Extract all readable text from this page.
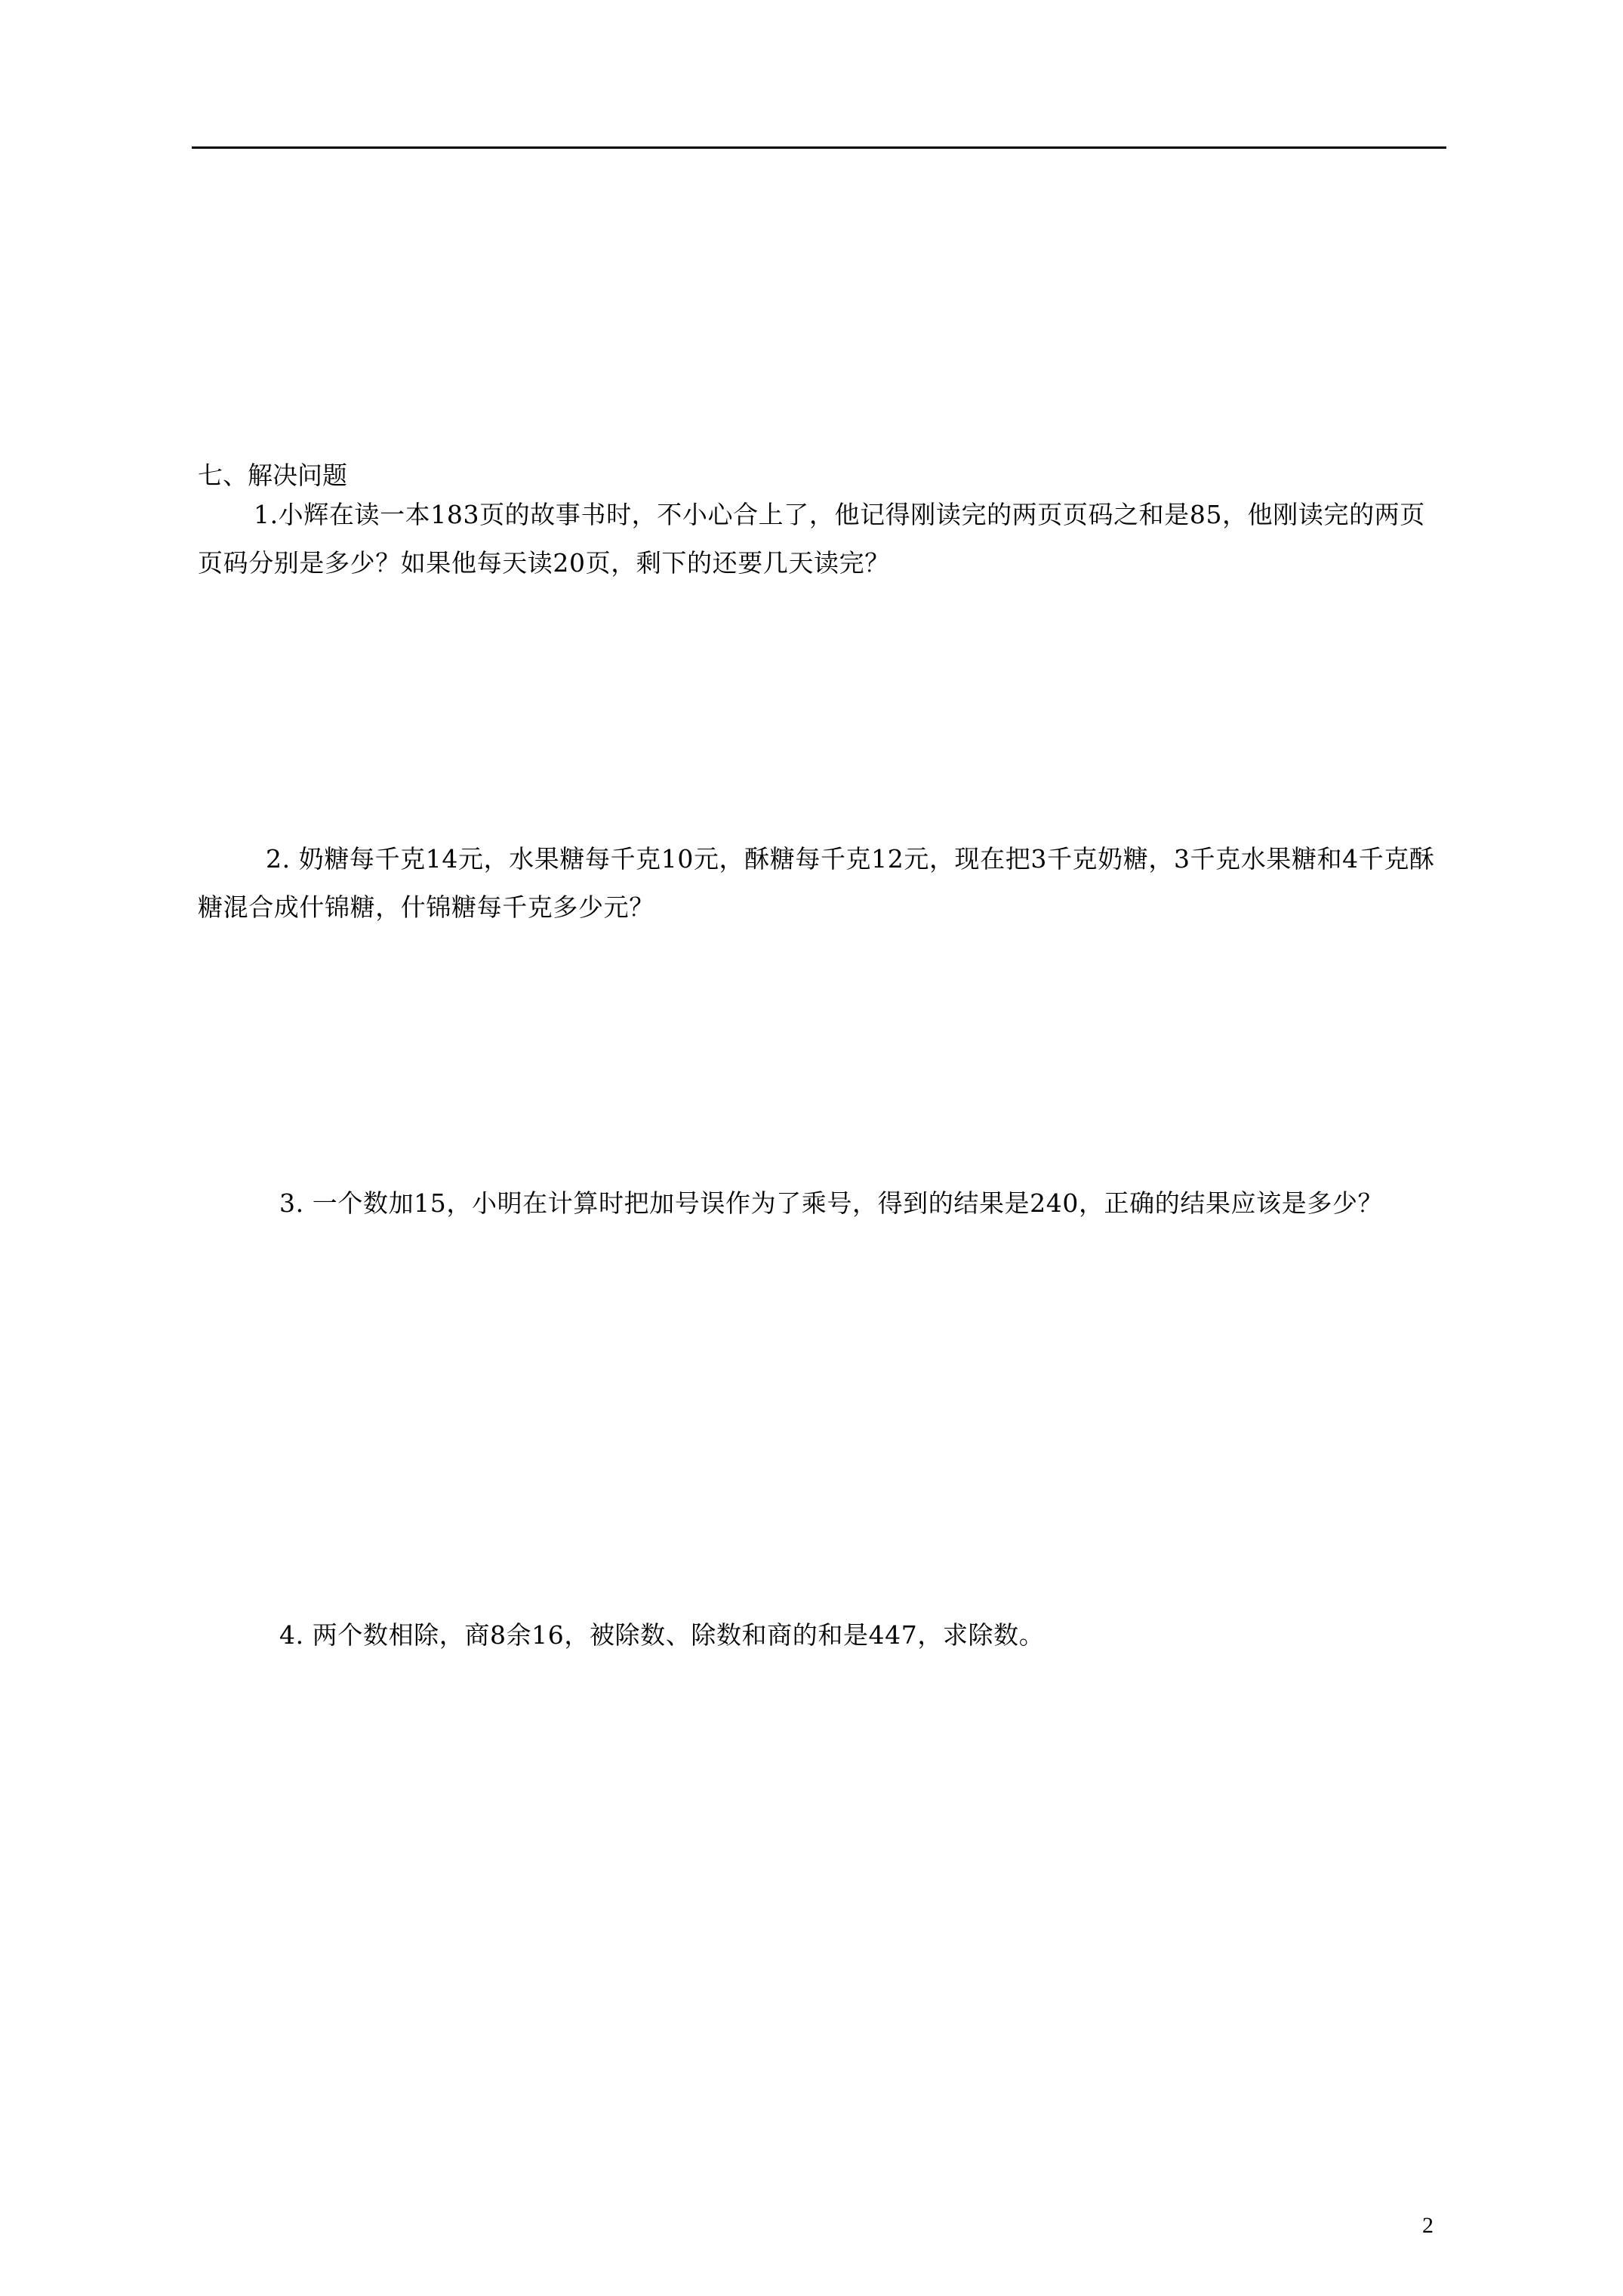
七、解决问题

1.小辉在读一本183页的故事书时，不小心合上了，他记得刚读完的两页页码之和是85，他刚读完的两页页码分别是多少？如果他每天读20页，剩下的还要几天读完？

2. 奶糖每千克14元，水果糖每千克10元，酥糖每千克12元，现在把3千克奶糖，3千克水果糖和4千克酥糖混合成什锦糖，什锦糖每千克多少元？

3. 一个数加15，小明在计算时把加号误作为了乘号，得到的结果是240，正确的结果应该是多少？

4. 两个数相除，商8余16，被除数、除数和商的和是447，求除数。

2
